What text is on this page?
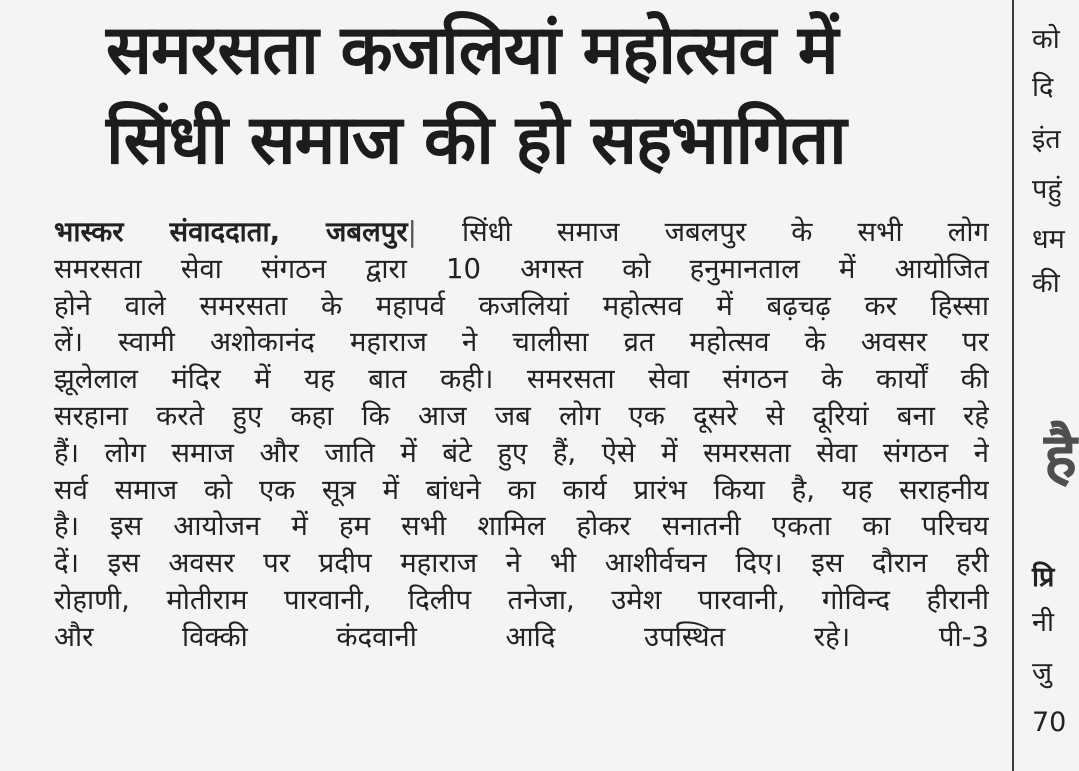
समरसता कजलियां महोत्सव में
सिंधी समाज की हो सहभागिता
भास्कर संवाददाता, जबलपुर| सिंधी समाज जबलपुर के सभी लोग
समरसता सेवा संगठन द्वारा 10 अगस्त को हनुमानताल में आयोजित
होने वाले समरसता के महापर्व कजलियां महोत्सव में बढ़चढ़ कर हिस्सा
लें। स्वामी अशोकानंद महाराज ने चालीसा व्रत महोत्सव के अवसर पर
झूलेलाल मंदिर में यह बात कही। समरसता सेवा संगठन के कार्यों की
सरहाना करते हुए कहा कि आज जब लोग एक दूसरे से दूरियां बना रहे
हैं। लोग समाज और जाति में बंटे हुए हैं, ऐसे में समरसता सेवा संगठन ने
सर्व समाज को एक सूत्र में बांधने का कार्य प्रारंभ किया है, यह सराहनीय
है। इस आयोजन में हम सभी शामिल होकर सनातनी एकता का परिचय
दें। इस अवसर पर प्रदीप महाराज ने भी आशीर्वचन दिए। इस दौरान हरी
रोहाणी, मोतीराम पारवानी, दिलीप तनेजा, उमेश पारवानी, गोविन्द हीरानी
और विक्की कंदवानी आदि उपस्थित रहे। पी-3
को
दि
इंत
पहुं
धम
की
है
प्रि
नी
जु
70
